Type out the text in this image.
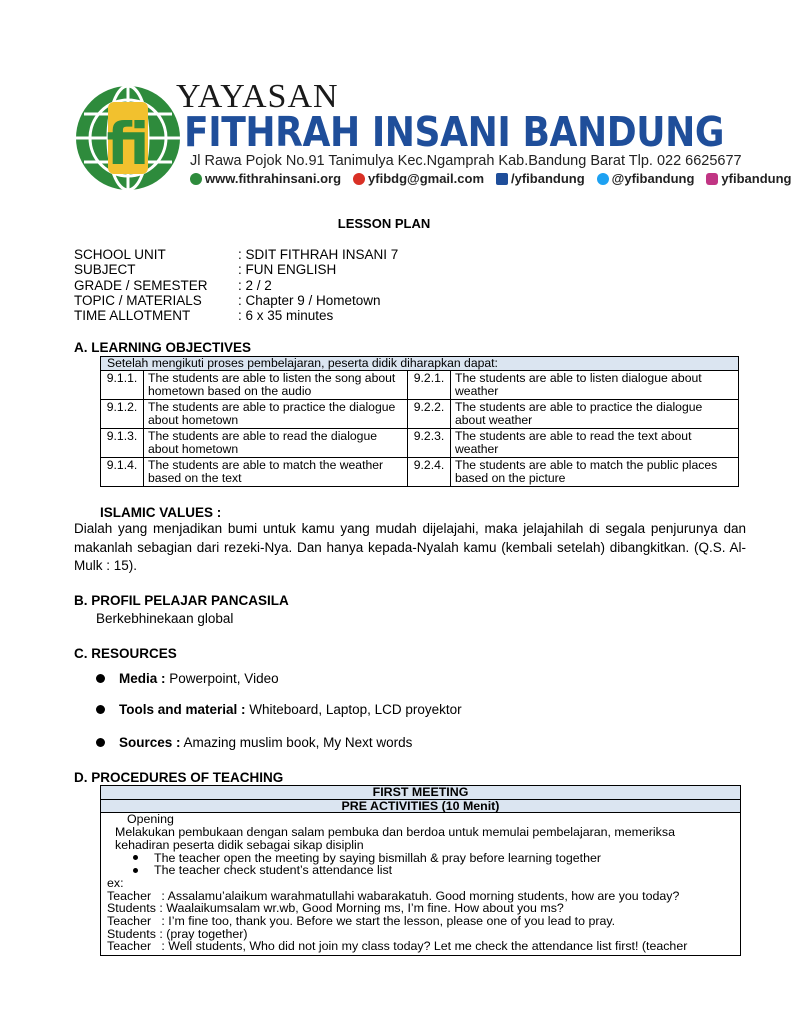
fi
YAYASAN
FITHRAH INSANI BANDUNG
Jl Rawa Pojok No.91 Tanimulya Kec.Ngamprah Kab.Bandung Barat Tlp. 022 6625677
www.fithrahinsani.org yfibdg@gmail.com /yfibandung @yfibandung yfibandung
LESSON PLAN
SCHOOL UNIT	: SDIT FITHRAH INSANI 7
SUBJECT	: FUN ENGLISH
GRADE / SEMESTER	: 2 / 2
TOPIC / MATERIALS	: Chapter 9 / Hometown
TIME ALLOTMENT	: 6 x 35 minutes
A. LEARNING OBJECTIVES
Setelah mengikuti proses pembelajaran, peserta didik diharapkan dapat:			
9.1.1.	The students are able to listen the song about hometown based on the audio	9.2.1.	The students are able to listen dialogue about weather
9.1.2.	The students are able to practice the dialogue about hometown	9.2.2.	The students are able to practice the dialogue about weather
9.1.3.	The students are able to read the dialogue about hometown	9.2.3.	The students are able to read the text about weather
9.1.4.	The students are able to match the weather based on the text	9.2.4.	The students are able to match the public places based on the picture
ISLAMIC VALUES :
Dialah yang menjadikan bumi untuk kamu yang mudah dijelajahi, maka jelajahilah di segala penjurunya dan makanlah sebagian dari rezeki-Nya. Dan hanya kepada-Nyalah kamu (kembali setelah) dibangkitkan. (Q.S. Al-Mulk : 15).
B. PROFIL PELAJAR PANCASILA
Berkebhinekaan global
C. RESOURCES
Media : Powerpoint, Video
Tools and material : Whiteboard, Laptop, LCD proyektor
Sources : Amazing muslim book, My Next words
D. PROCEDURES OF TEACHING
FIRST MEETING
PRE ACTIVITIES (10 Menit)

Opening
Melakukan pembukaan dengan salam pembuka dan berdoa untuk memulai pembelajaran, memeriksa
kehadiran peserta didik sebagai sikap disiplin
The teacher open the meeting by saying bismillah & pray before learning together
The teacher check student’s attendance list
ex:
Teacher   : Assalamu’alaikum warahmatullahi wabarakatuh. Good morning students, how are you today?
Students : Waalaikumsalam wr.wb, Good Morning ms, I’m fine. How about you ms?
Teacher   : I’m fine too, thank you. Before we start the lesson, please one of you lead to pray.
Students : (pray together)
Teacher   : Well students, Who did not join my class today? Let me check the attendance list first! (teacher
